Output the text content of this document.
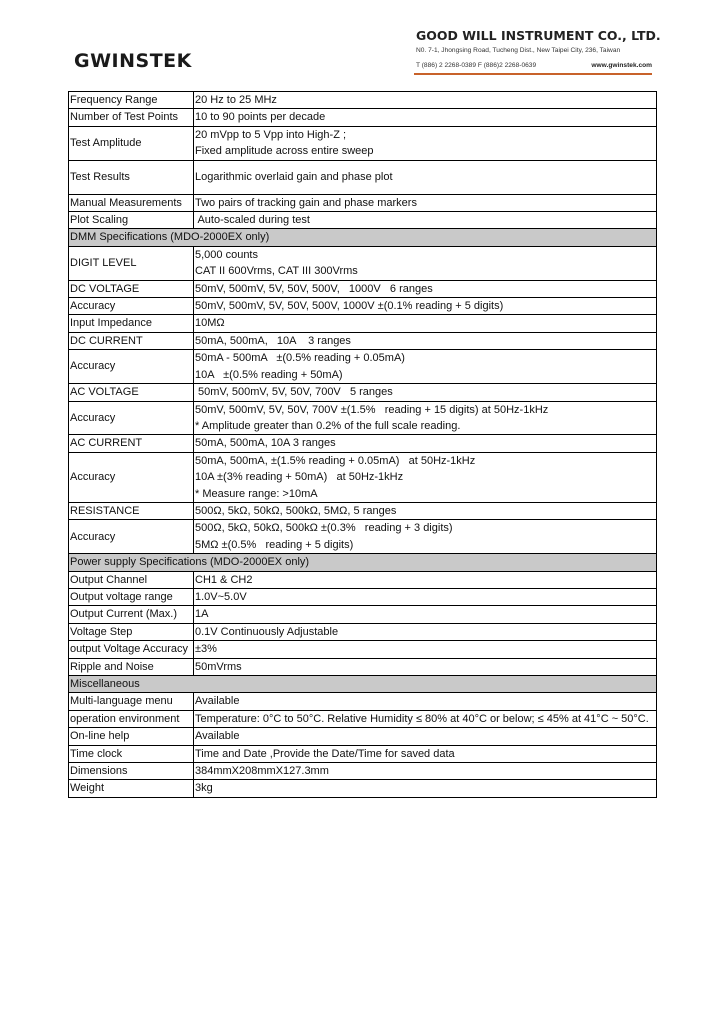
GWINSTEK
GOOD WILL INSTRUMENT CO., LTD.
N0. 7-1, Jhongsing Road, Tucheng Dist., New Taipei City, 236, Taiwan
T (886) 2 2268-0389 F (886)2 2268-0639	www.gwinstek.com
Frequency Range	20 Hz to 25 MHz
Number of Test Points	10 to 90 points per decade
Test Amplitude	20 mVpp to 5 Vpp into High-Z ;
Fixed amplitude across entire sweep

Test Results	Logarithmic overlaid gain and phase plot
Manual Measurements	Two pairs of tracking gain and phase markers
Plot Scaling	Auto-scaled during test
DMM Specifications (MDO-2000EX only)	
DIGIT LEVEL	5,000 counts
CAT II 600Vrms, CAT III 300Vrms

DC VOLTAGE	50mV, 500mV, 5V, 50V, 500V,   1000V   6 ranges
Accuracy	50mV, 500mV, 5V, 50V, 500V, 1000V ±(0.1% reading + 5 digits)
Input Impedance	10MΩ
DC CURRENT	50mA, 500mA,   10A    3 ranges
Accuracy	50mA - 500mA   ±(0.5% reading + 0.05mA)
10A   ±(0.5% reading + 50mA)

AC VOLTAGE	50mV, 500mV, 5V, 50V, 700V   5 ranges
Accuracy	50mV, 500mV, 5V, 50V, 700V ±(1.5%   reading + 15 digits) at 50Hz-1kHz
* Amplitude greater than 0.2% of the full scale reading.

AC CURRENT	50mA, 500mA, 10A 3 ranges
Accuracy	50mA, 500mA, ±(1.5% reading + 0.05mA)   at 50Hz-1kHz
10A ±(3% reading + 50mA)   at 50Hz-1kHz
* Measure range: >10mA

RESISTANCE	500Ω, 5kΩ, 50kΩ, 500kΩ, 5MΩ, 5 ranges
Accuracy	500Ω, 5kΩ, 50kΩ, 500kΩ ±(0.3%   reading + 3 digits)
5MΩ ±(0.5%   reading + 5 digits)

Power supply Specifications (MDO-2000EX only)	
Output Channel	CH1 & CH2
Output voltage range	1.0V~5.0V
Output Current (Max.)	1A
Voltage Step	0.1V Continuously Adjustable
output Voltage Accuracy	±3%
Ripple and Noise	50mVrms
Miscellaneous	
Multi-language menu	Available
operation environment	Temperature: 0°C to 50°C. Relative Humidity ≤ 80% at 40°C or below; ≤ 45% at 41°C ~ 50°C.
On-line help	Available
Time clock	Time and Date ,Provide the Date/Time for saved data
Dimensions	384mmX208mmX127.3mm
Weight	3kg
